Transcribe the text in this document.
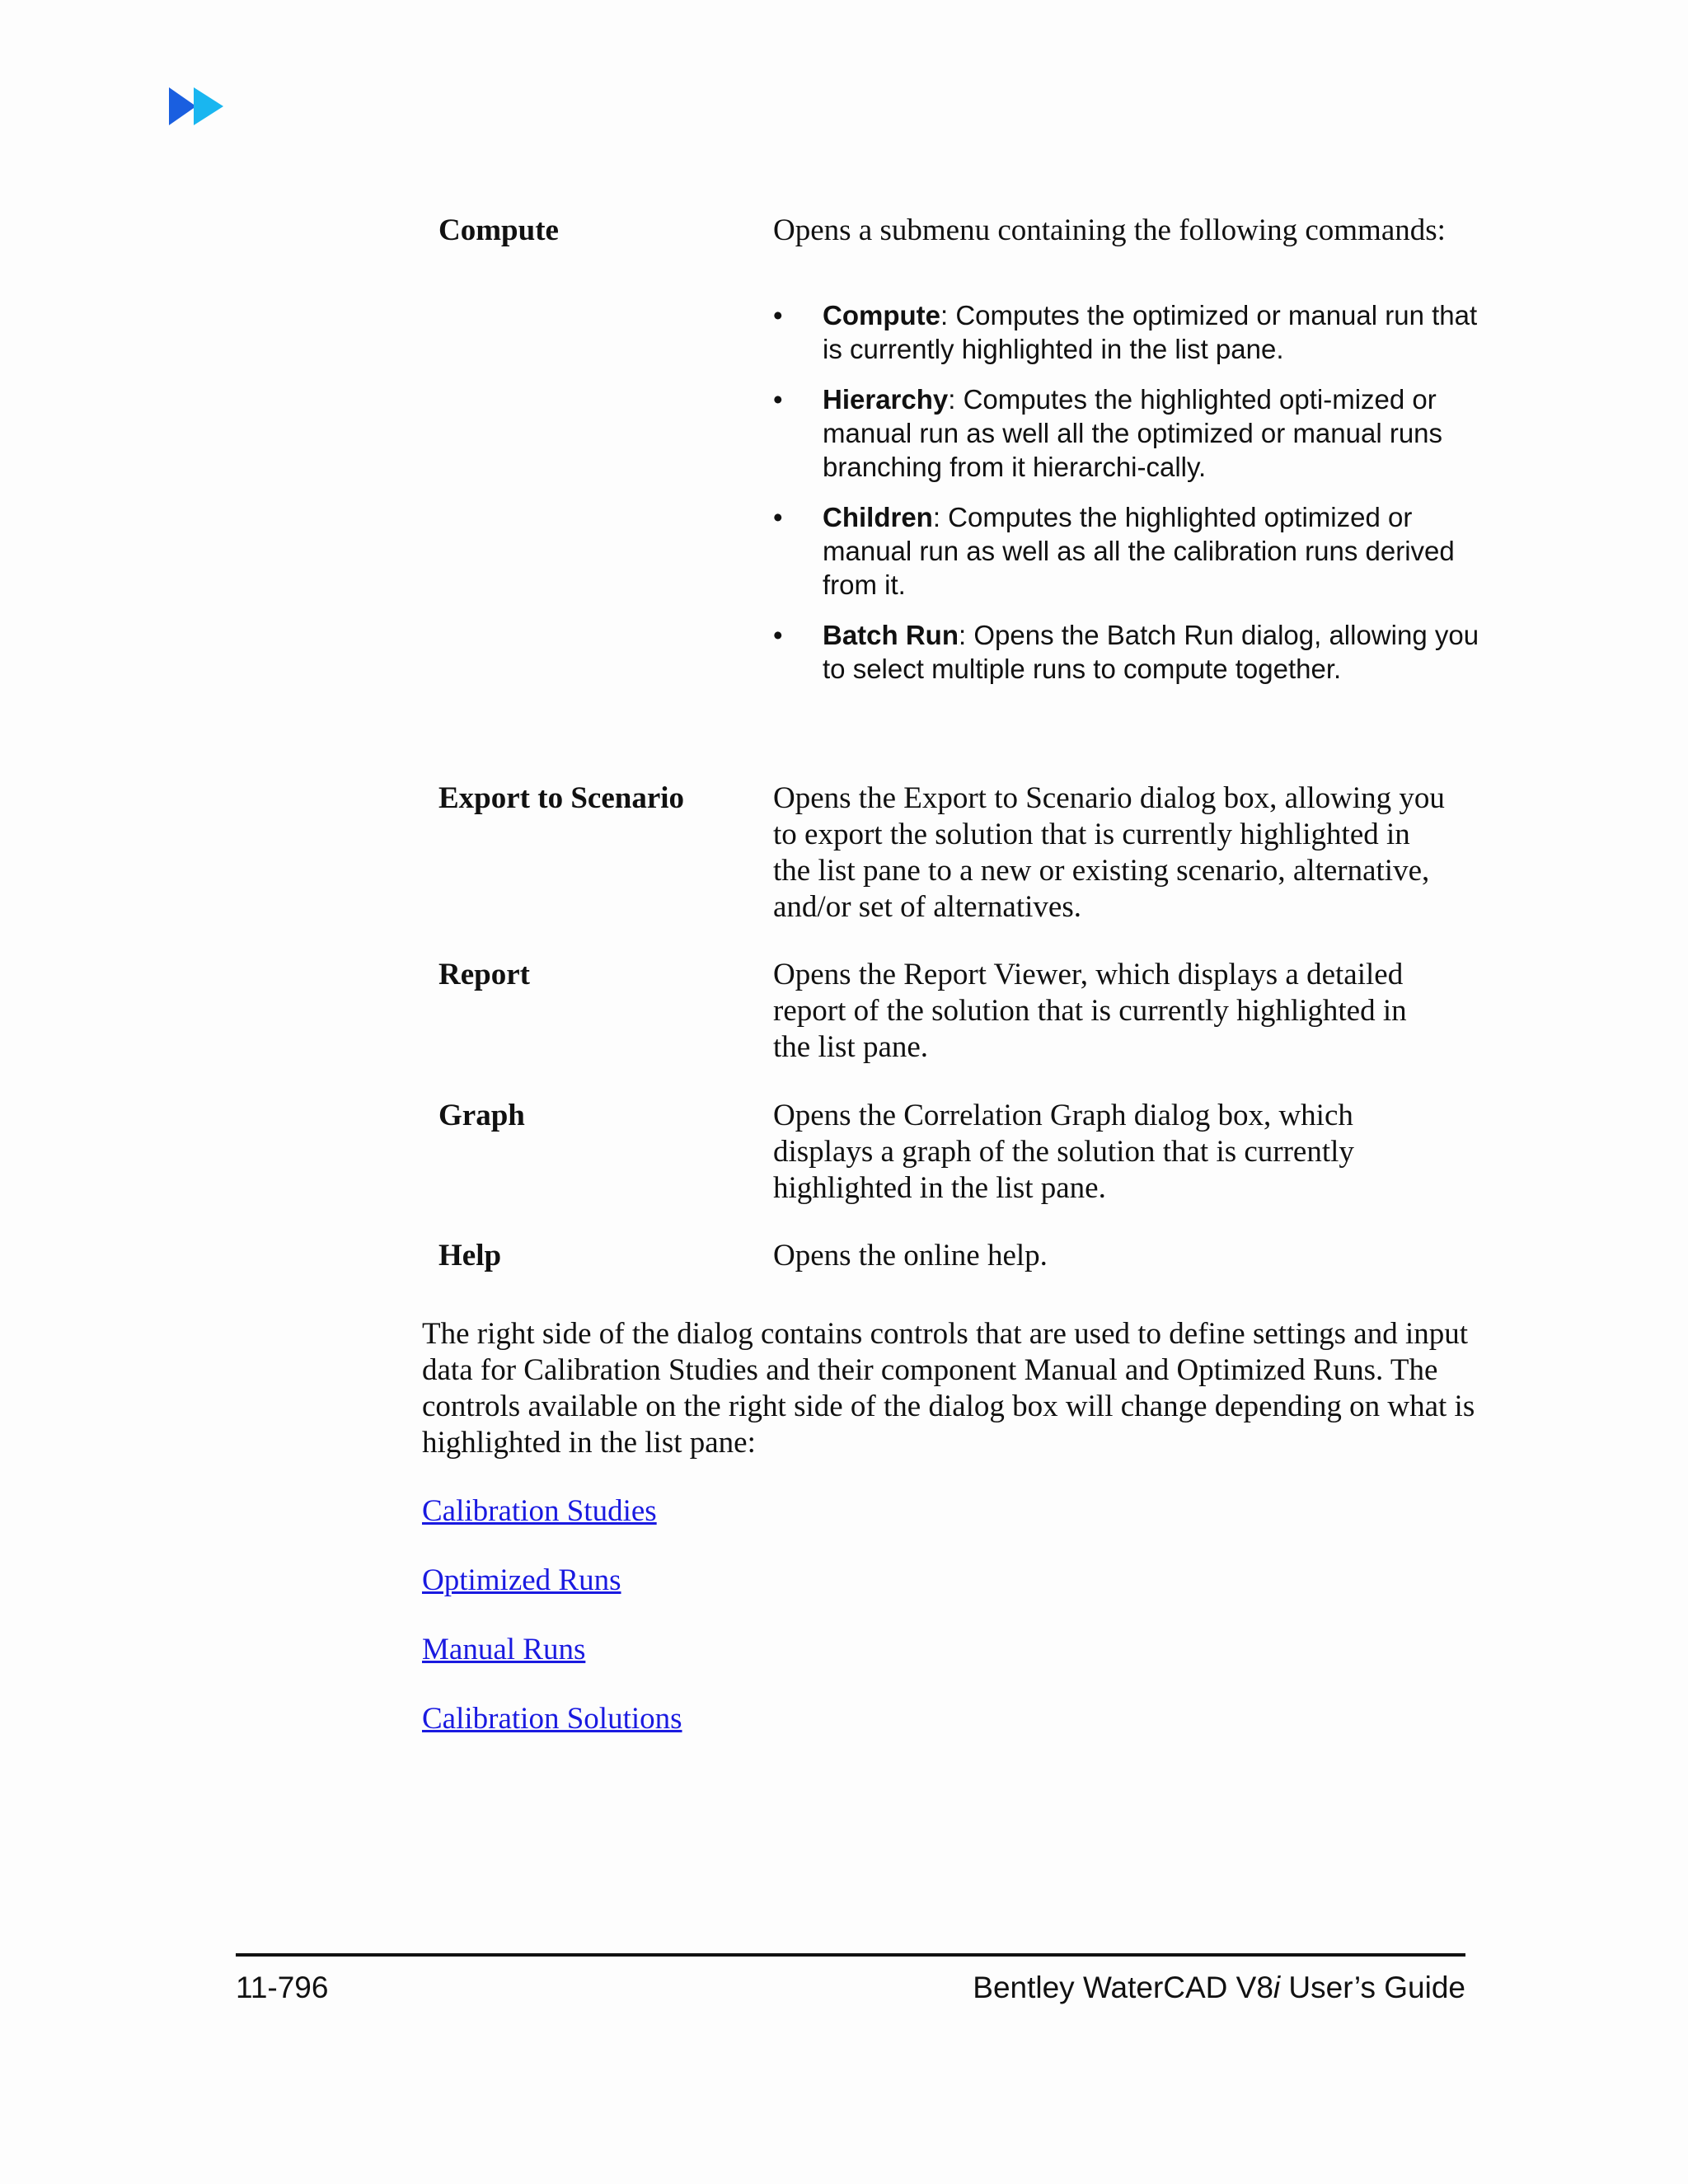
Compute	Opens a submenu containing the following commands:
• Compute: Computes the optimized or manual run that is currently highlighted in the list pane.
• Hierarchy: Computes the highlighted opti-mized or manual run as well all the optimized or manual runs branching from it hierarchi-cally.
• Children: Computes the highlighted optimized or manual run as well as all the calibration runs derived from it.
• Batch Run: Opens the Batch Run dialog, allowing you to select multiple runs to compute together.
Export to Scenario	Opens the Export to Scenario dialog box, allowing you to export the solution that is currently highlighted in the list pane to a new or existing scenario, alternative, and/or set of alternatives.
Report	Opens the Report Viewer, which displays a detailed report of the solution that is currently highlighted in the list pane.
Graph	Opens the Correlation Graph dialog box, which displays a graph of the solution that is currently highlighted in the list pane.
Help	Opens the online help.
The right side of the dialog contains controls that are used to define settings and input data for Calibration Studies and their component Manual and Optimized Runs. The controls available on the right side of the dialog box will change depending on what is highlighted in the list pane:
Calibration Studies
Optimized Runs
Manual Runs
Calibration Solutions
11-796	Bentley WaterCAD V8i User’s Guide
